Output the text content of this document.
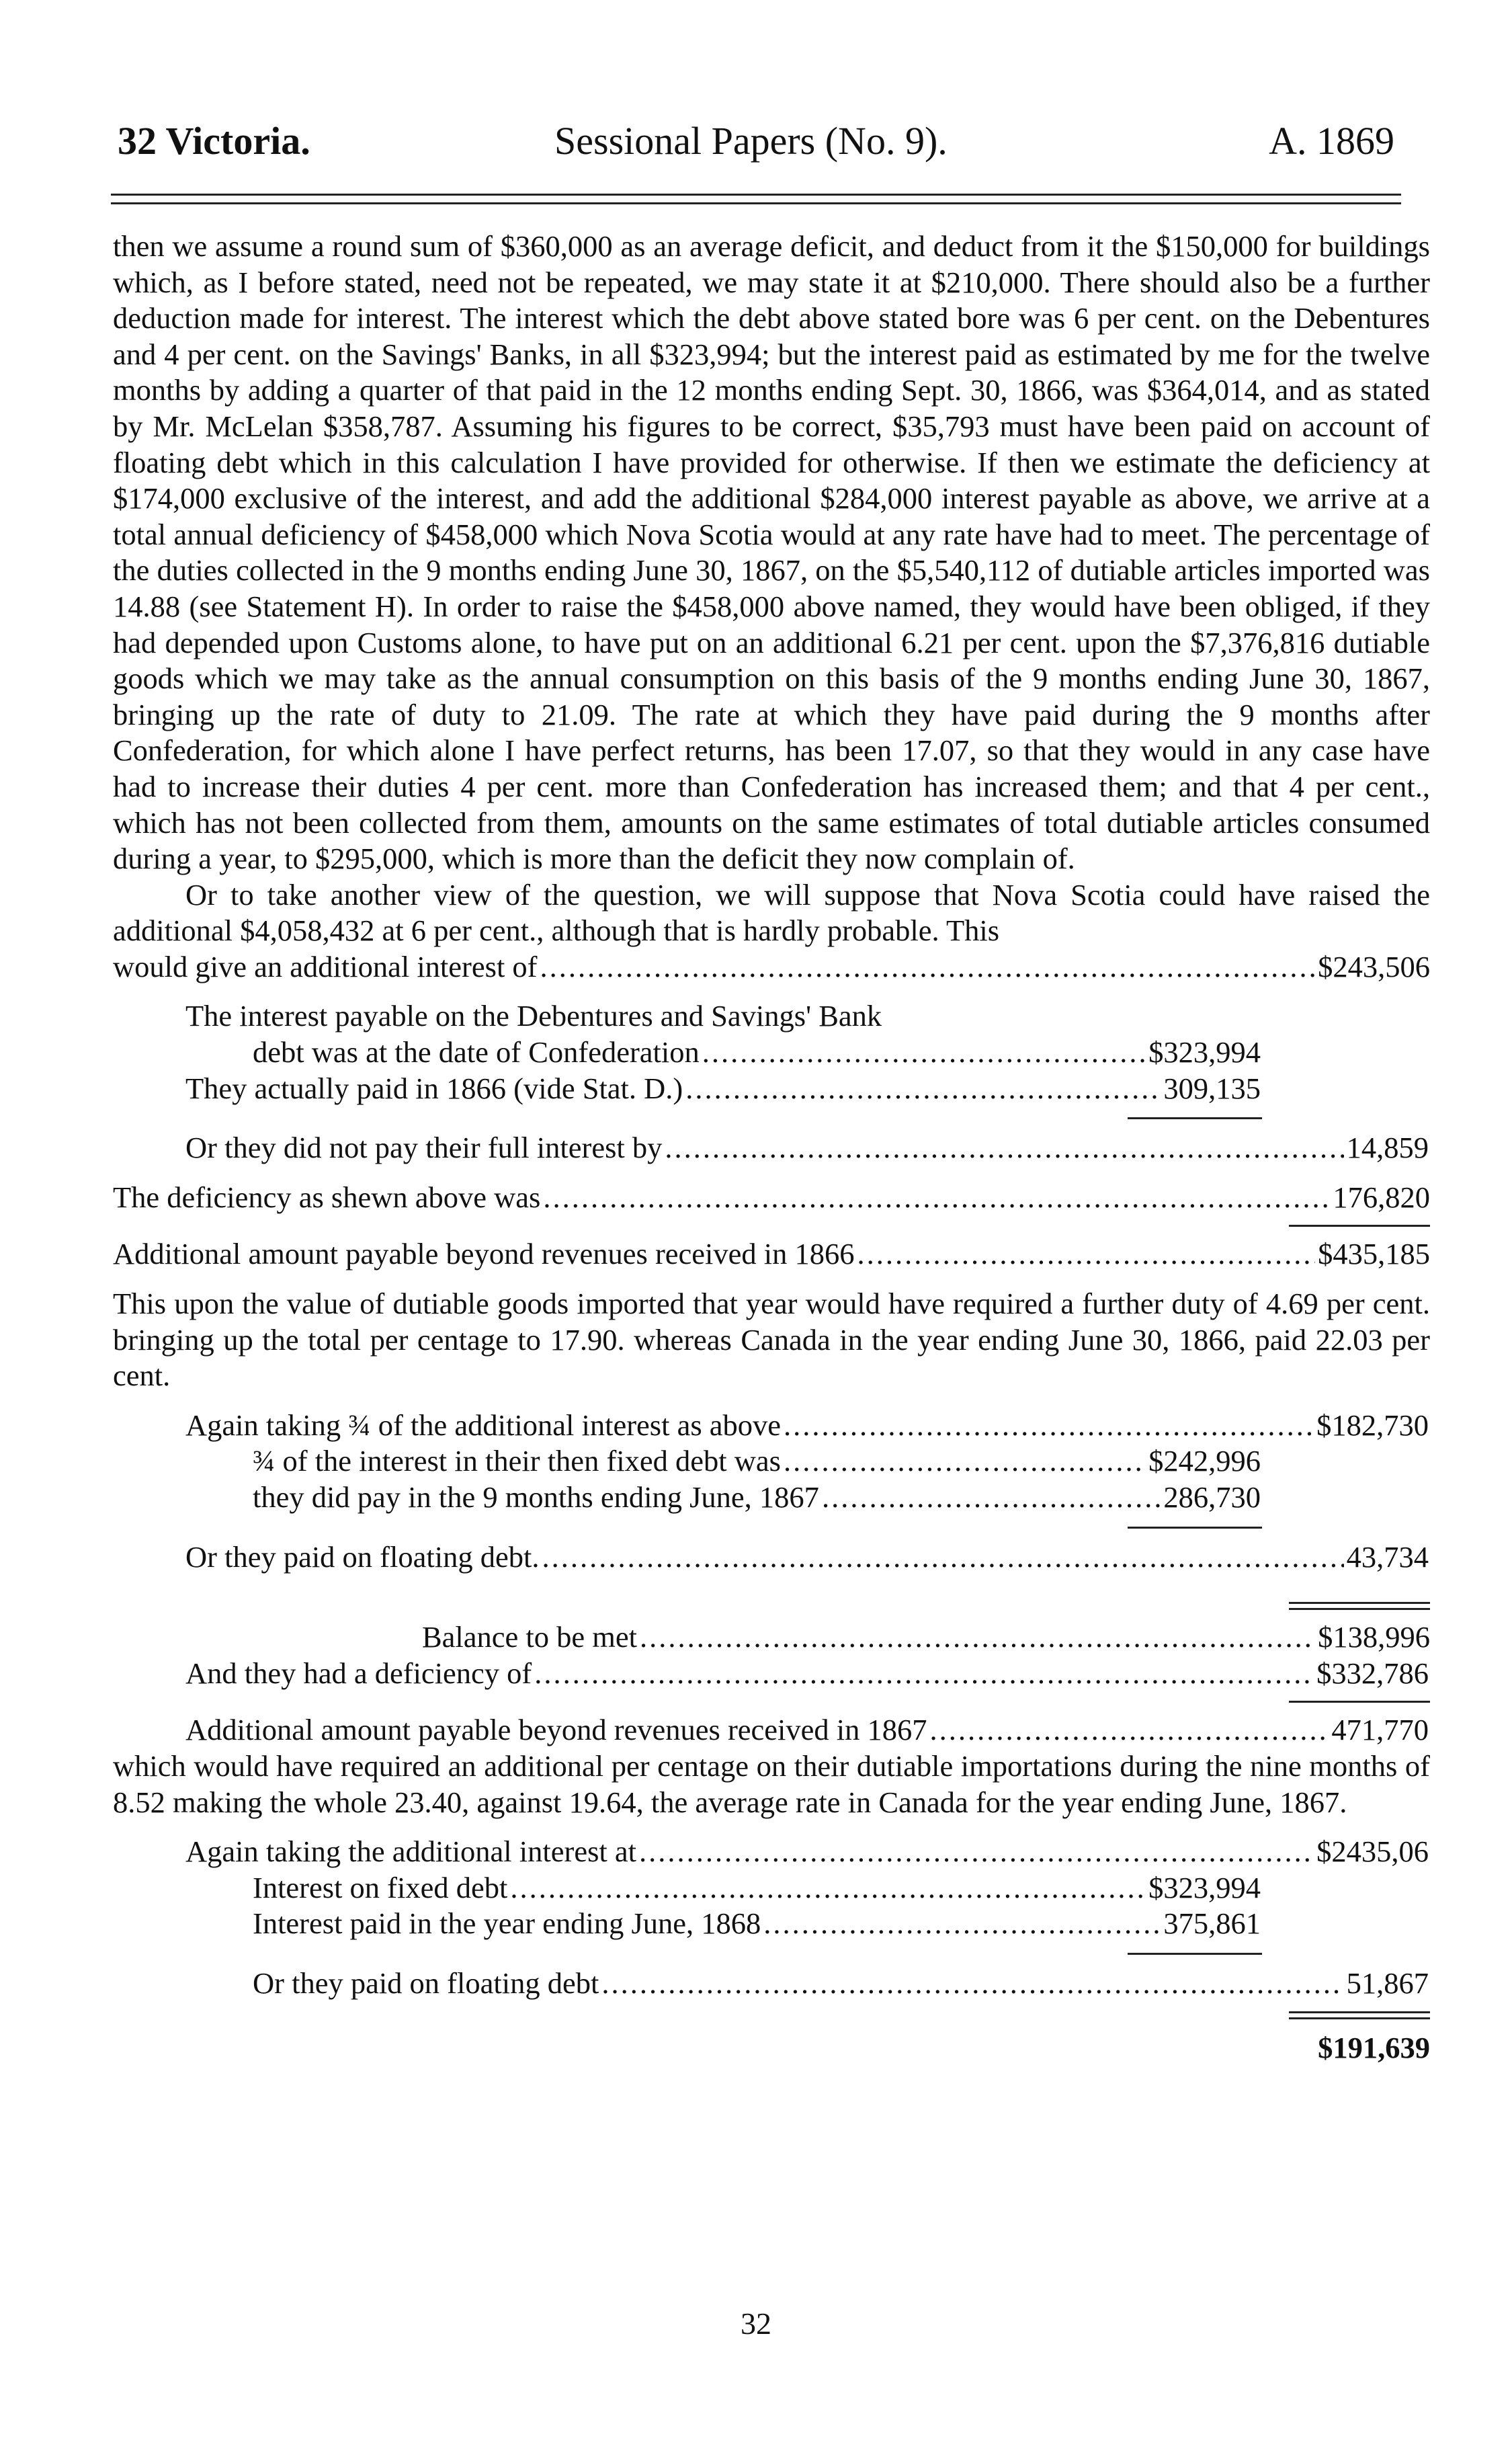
32 Victoria.	Sessional Papers (No. 9).	A. 1869

then we assume a round sum of $360,000 as an average deficit, and deduct from it the $150,000 for buildings which, as I before stated, need not be repeated, we may state it at $210,000. There should also be a further deduction made for interest. The interest which the debt above stated bore was 6 per cent. on the Debentures and 4 per cent. on the Savings' Banks, in all $323,994; but the interest paid as estimated by me for the twelve months by adding a quarter of that paid in the 12 months ending Sept. 30, 1866, was $364,014, and as stated by Mr. McLelan $358,787. Assuming his figures to be correct, $35,793 must have been paid on account of floating debt which in this calculation I have provided for otherwise. If then we estimate the deficiency at $174,000 exclusive of the interest, and add the additional $284,000 interest payable as above, we arrive at a total annual deficiency of $458,000 which Nova Scotia would at any rate have had to meet. The percentage of the duties collected in the 9 months ending June 30, 1867, on the $5,540,112 of dutiable articles imported was 14.88 (see Statement H). In order to raise the $458,000 above named, they would have been obliged, if they had depended upon Customs alone, to have put on an additional 6.21 per cent. upon the $7,376,816 dutiable goods which we may take as the annual consumption on this basis of the 9 months ending June 30, 1867, bringing up the rate of duty to 21.09. The rate at which they have paid during the 9 months after Confederation, for which alone I have perfect returns, has been 17.07, so that they would in any case have had to increase their duties 4 per cent. more than Confederation has increased them; and that 4 per cent., which has not been collected from them, amounts on the same estimates of total dutiable articles consumed during a year, to $295,000, which is more than the deficit they now complain of.

Or to take another view of the question, we will suppose that Nova Scotia could have raised the additional $4,058,432 at 6 per cent., although that is hardly probable. This

would give an additional interest of .....	$243,506
The interest payable on the Debentures and Savings' Bank
debt was at the date of Confederation .....	$323,994
They actually paid in 1866 (vide Stat. D.) .....	309,135
Or they did not pay their full interest by .....	14,859
The deficiency as shewn above was .....	176,820
Additional amount payable beyond revenues received in 1866 .....	$435,185

This upon the value of dutiable goods imported that year would have required a further duty of 4.69 per cent. bringing up the total per centage to 17.90. whereas Canada in the year ending June 30, 1866, paid 22.03 per cent.

Again taking ¾ of the additional interest as above .....	$182,730
¾ of the interest in their then fixed debt was .....	$242,996
they did pay in the 9 months ending June, 1867 .....	286,730
Or they paid on floating debt. .....	43,734
Balance to be met .....	$138,996
And they had a deficiency of .....	$332,786
Additional amount payable beyond revenues received in 1867 .....	471,770

which would have required an additional per centage on their dutiable importations during the nine months of 8.52 making the whole 23.40, against 19.64, the average rate in Canada for the year ending June, 1867.

Again taking the additional interest at .....	$2435,06
Interest on fixed debt .....	$323,994
Interest paid in the year ending June, 1868 .....	375,861
Or they paid on floating debt .....	51,867
$191,639
32
